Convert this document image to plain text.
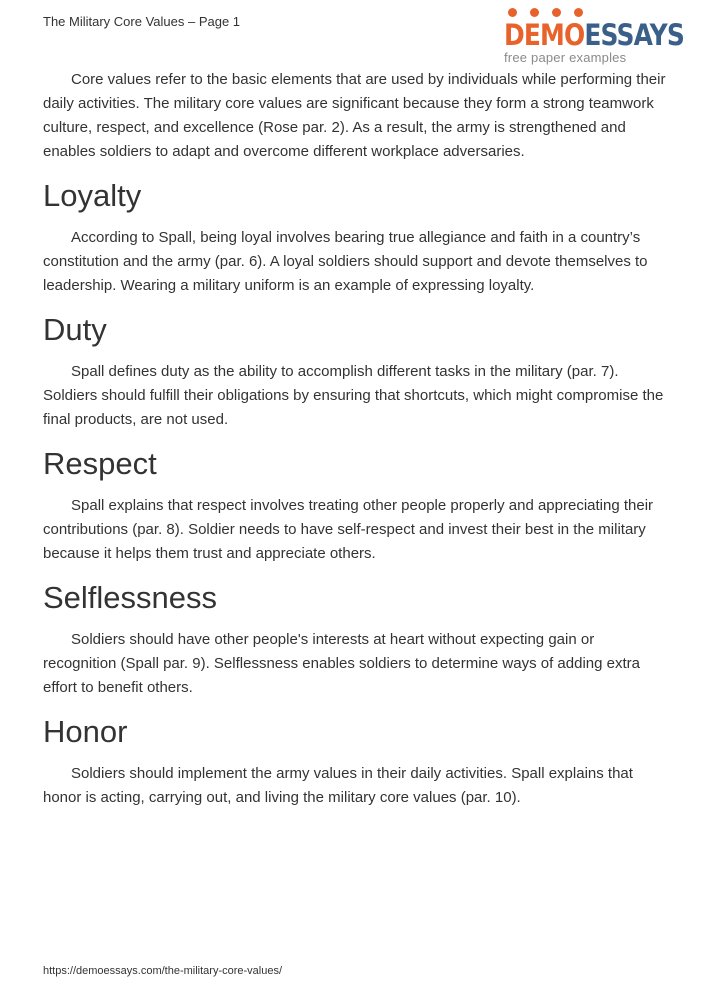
The Military Core Values – Page 1	DEMOESSAYS
free paper examples

Core values refer to the basic elements that are used by individuals while performing their daily activities. The military core values are significant because they form a strong teamwork culture, respect, and excellence (Rose par. 2). As a result, the army is strengthened and enables soldiers to adapt and overcome different workplace adversaries.

Loyalty

According to Spall, being loyal involves bearing true allegiance and faith in a country’s constitution and the army (par. 6). A loyal soldiers should support and devote themselves to leadership. Wearing a military uniform is an example of expressing loyalty.

Duty

Spall defines duty as the ability to accomplish different tasks in the military (par. 7). Soldiers should fulfill their obligations by ensuring that shortcuts, which might compromise the final products, are not used.

Respect

Spall explains that respect involves treating other people properly and appreciating their contributions (par. 8). Soldier needs to have self-respect and invest their best in the military because it helps them trust and appreciate others.

Selflessness

Soldiers should have other people's interests at heart without expecting gain or recognition (Spall par. 9). Selflessness enables soldiers to determine ways of adding extra effort to benefit others.

Honor

Soldiers should implement the army values in their daily activities. Spall explains that honor is acting, carrying out, and living the military core values (par. 10).

https://demoessays.com/the-military-core-values/
